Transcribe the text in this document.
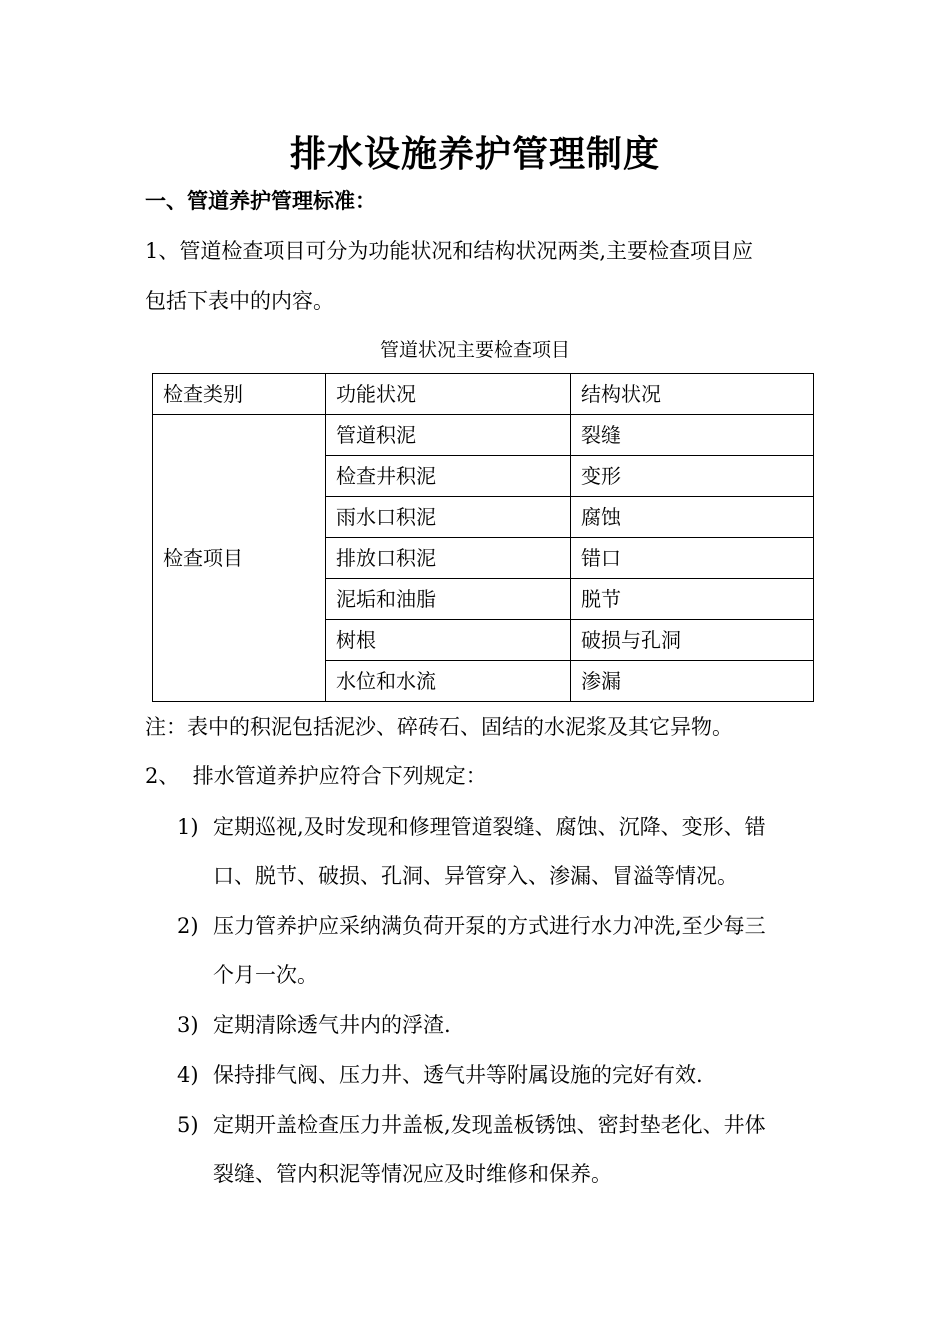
排水设施养护管理制度
一、管道养护管理标准：
1、管道检查项目可分为功能状况和结构状况两类,主要检查项目应
包括下表中的内容。
管道状况主要检查项目
检查类别	功能状况	结构状况
检查项目	管道积泥	裂缝
	检查井积泥	变形
	雨水口积泥	腐蚀
	排放口积泥	错口
	泥垢和油脂	脱节
	树根	破损与孔洞
	水位和水流	渗漏
注：表中的积泥包括泥沙、碎砖石、固结的水泥浆及其它异物。
2、  排水管道养护应符合下列规定：
1) 定期巡视,及时发现和修理管道裂缝、腐蚀、沉降、变形、错
口、脱节、破损、孔洞、异管穿入、渗漏、冒溢等情况。
2) 压力管养护应采纳满负荷开泵的方式进行水力冲洗,至少每三
个月一次。
3) 定期清除透气井内的浮渣.
4) 保持排气阀、压力井、透气井等附属设施的完好有效.
5) 定期开盖检查压力井盖板,发现盖板锈蚀、密封垫老化、井体
裂缝、管内积泥等情况应及时维修和保养。
